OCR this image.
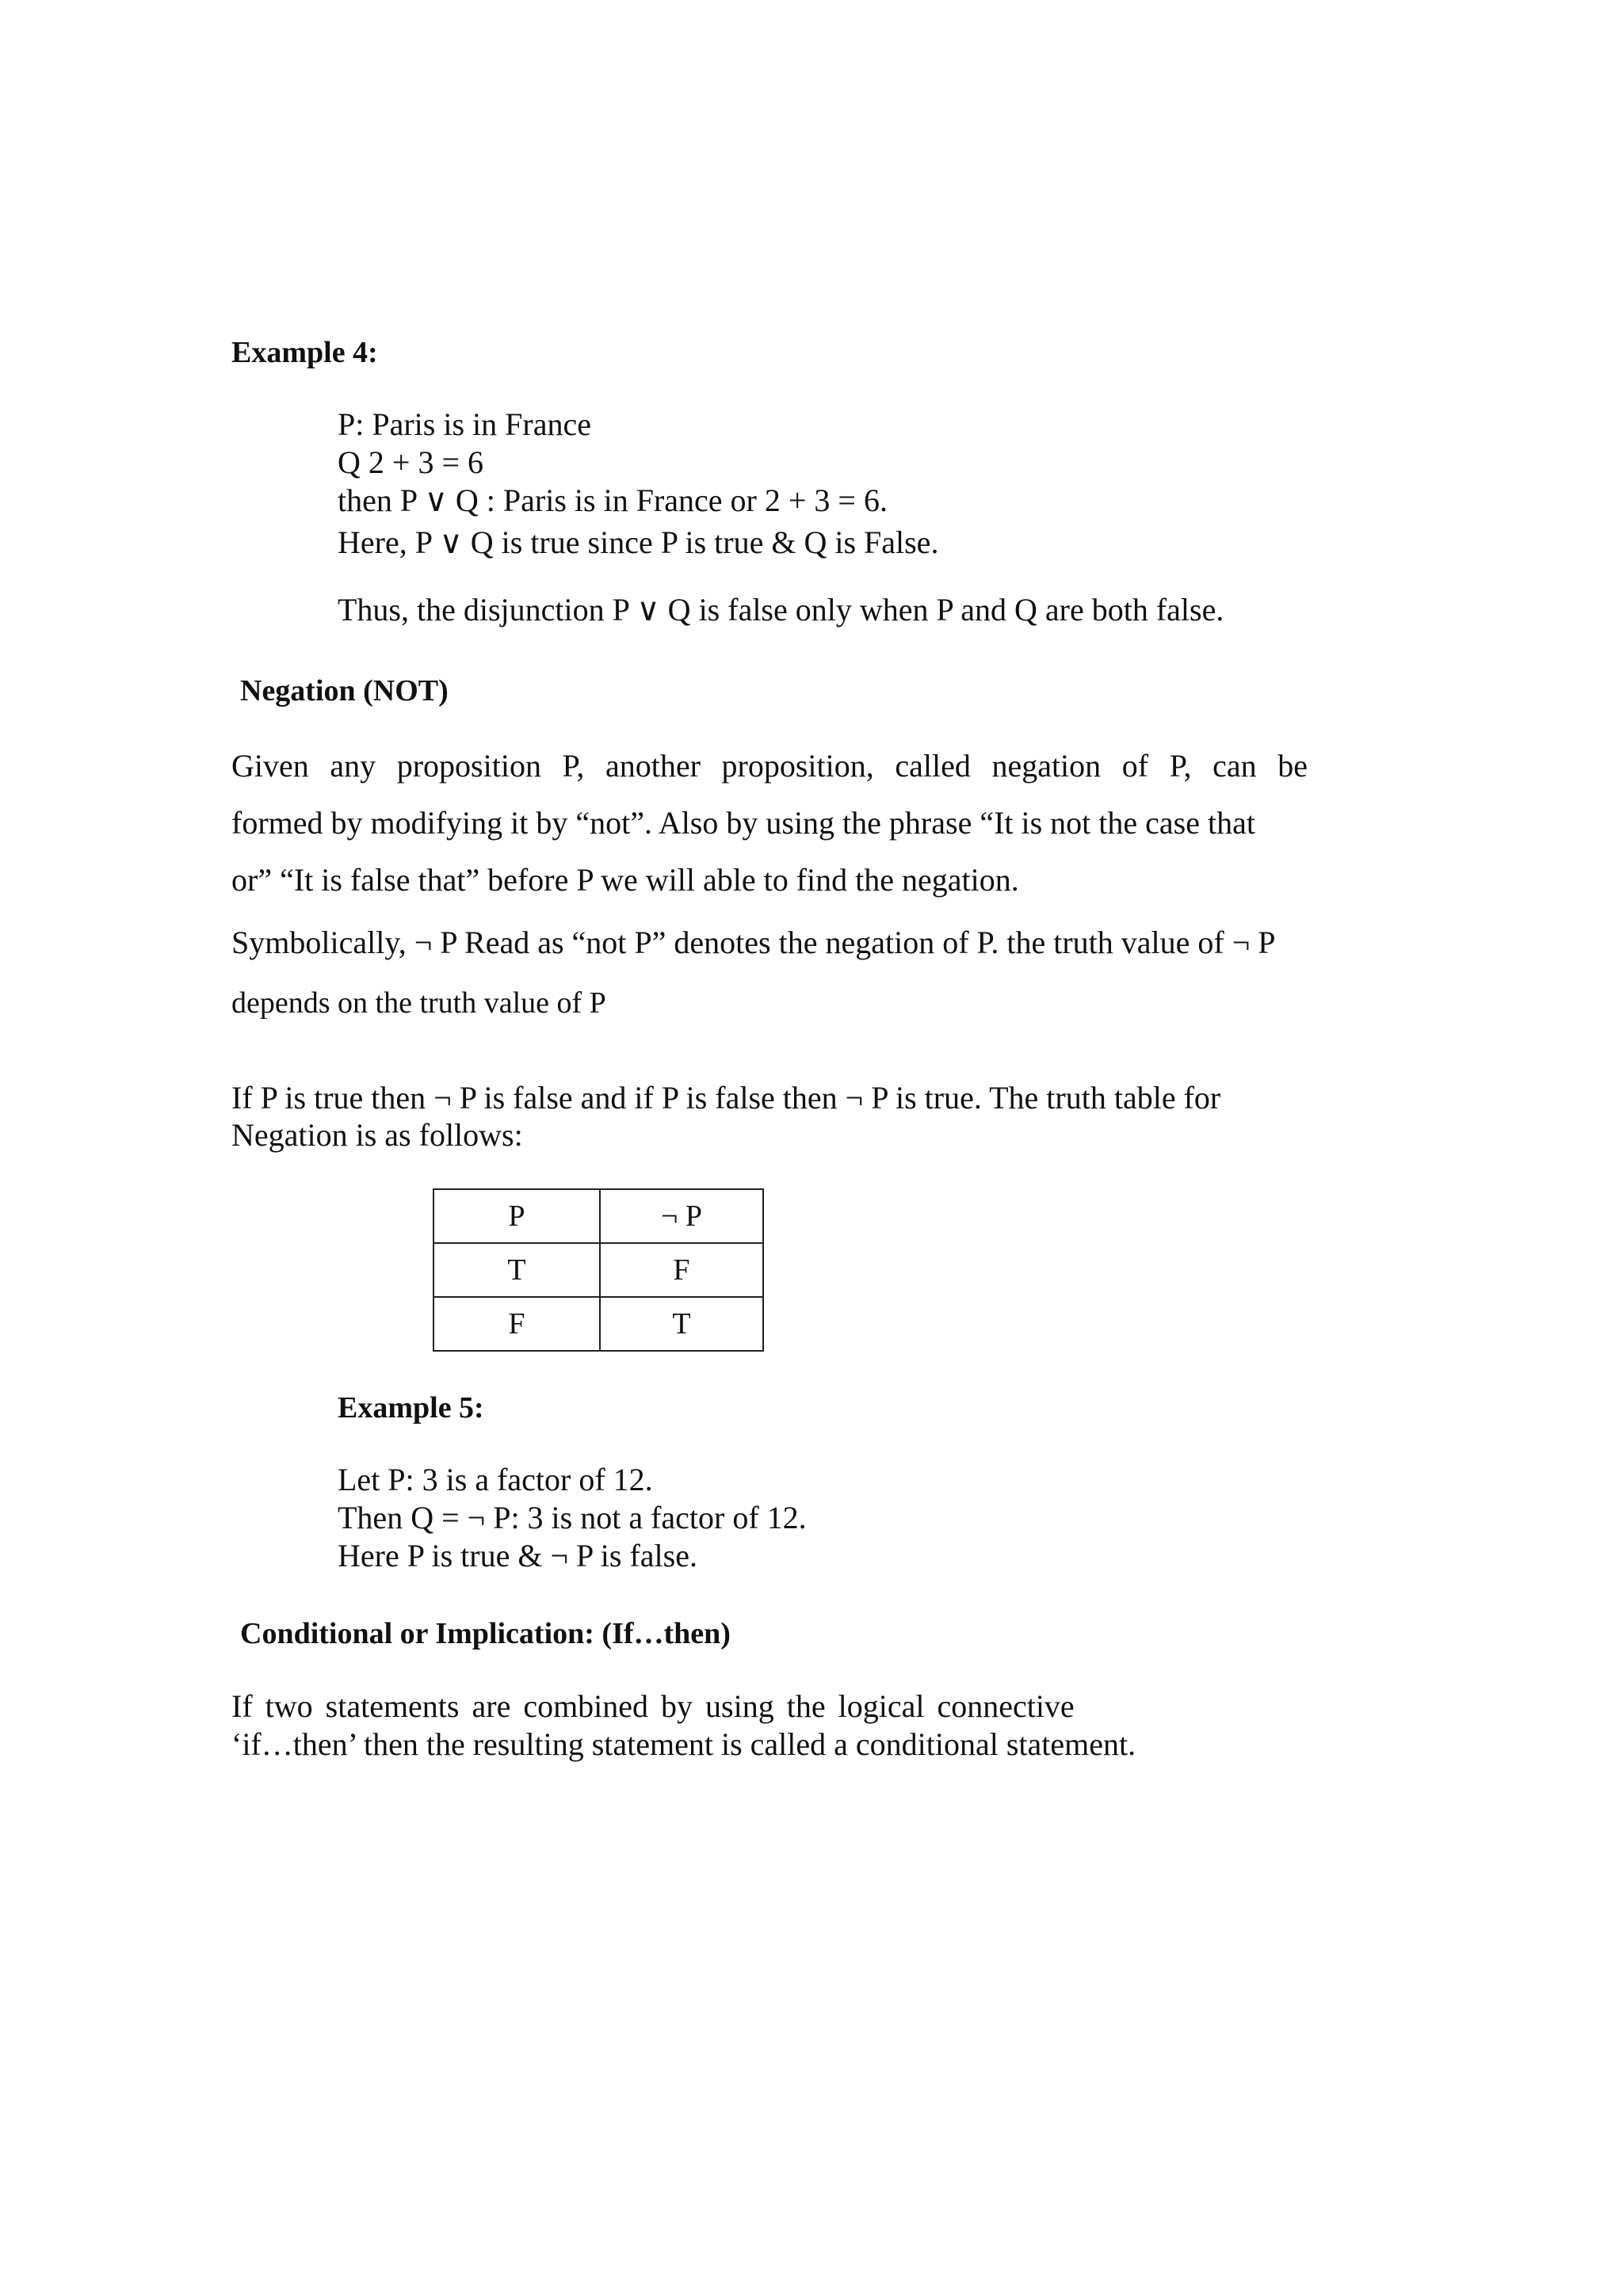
Example 4:
P: Paris is in France
Q 2 + 3 = 6
then P ∨ Q : Paris is in France or 2 + 3 = 6.
Here, P ∨ Q is true since P is true & Q is False.
Thus, the disjunction P ∨ Q is false only when P and Q are both false.
Negation (NOT)
Given any proposition P, another proposition, called negation of P, can be
formed by modifying it by “not”. Also by using the phrase “It is not the case that
or” “It is false that” before P we will able to find the negation.
Symbolically, ¬ P Read as “not P” denotes the negation of P. the truth value of ¬ P
depends on the truth value of P
If P is true then ¬ P is false and if P is false then ¬ P is true. The truth table for
Negation is as follows:
P	¬ P
T	F
F	T
Example 5:
Let P: 3 is a factor of 12.
Then Q = ¬ P: 3 is not a factor of 12.
Here P is true & ¬ P is false.
Conditional or Implication: (If…then)
If two statements are combined by using the logical connective
‘if…then’ then the resulting statement is called a conditional statement.
